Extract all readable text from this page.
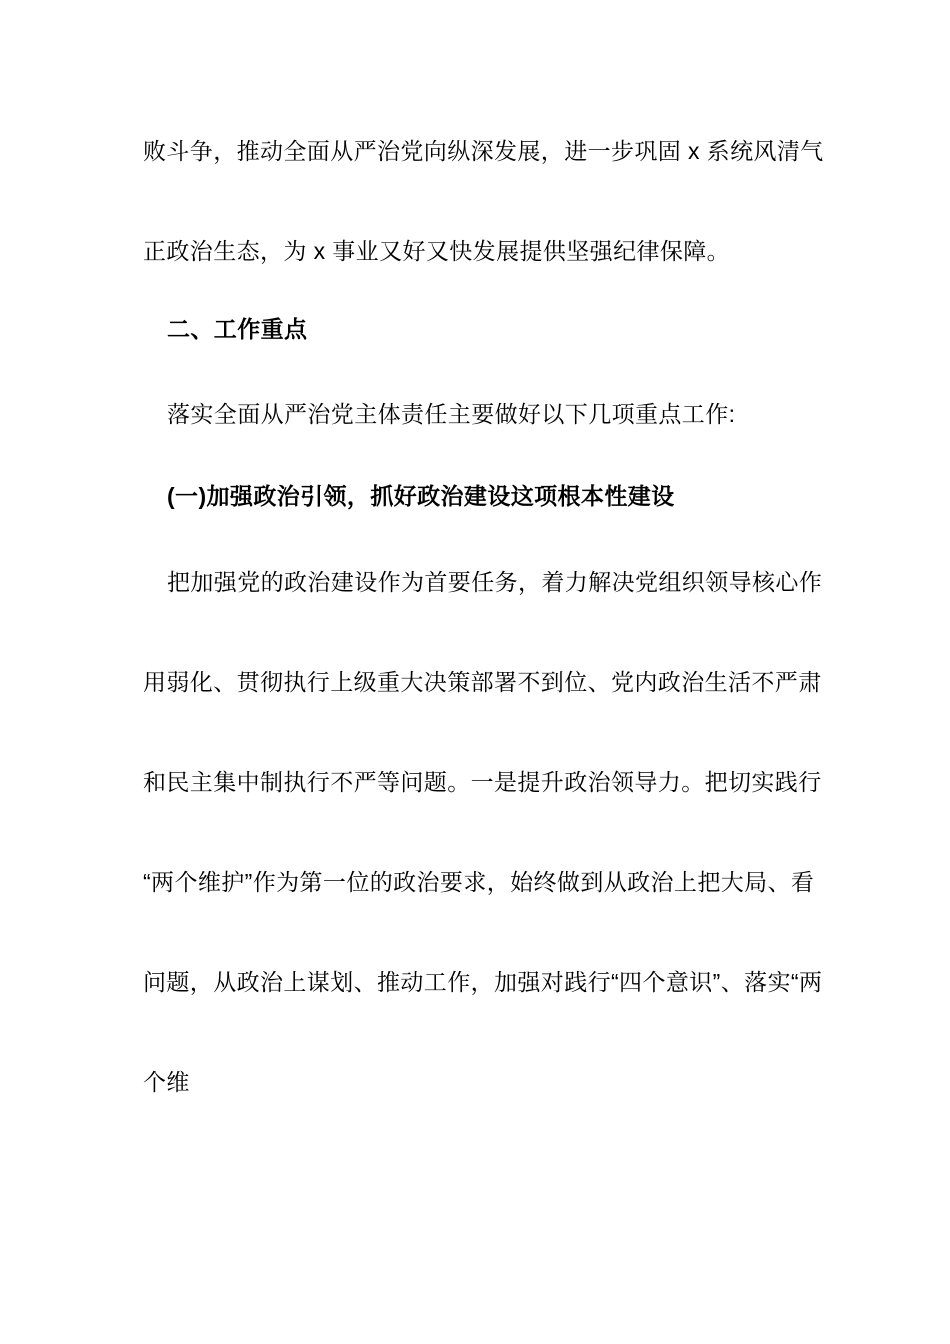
败斗争，推动全面从严治党向纵深发展，进一步巩固 x 系统风清气
正政治生态，为 x 事业又好又快发展提供坚强纪律保障。
二、工作重点
落实全面从严治党主体责任主要做好以下几项重点工作:
(一)加强政治引领，抓好政治建设这项根本性建设
把加强党的政治建设作为首要任务，着力解决党组织领导核心作
用弱化、贯彻执行上级重大决策部署不到位、党内政治生活不严肃
和民主集中制执行不严等问题。一是提升政治领导力。把切实践行
“两个维护”作为第一位的政治要求，始终做到从政治上把大局、看
问题，从政治上谋划、推动工作，加强对践行“四个意识”、落实“两
个维
